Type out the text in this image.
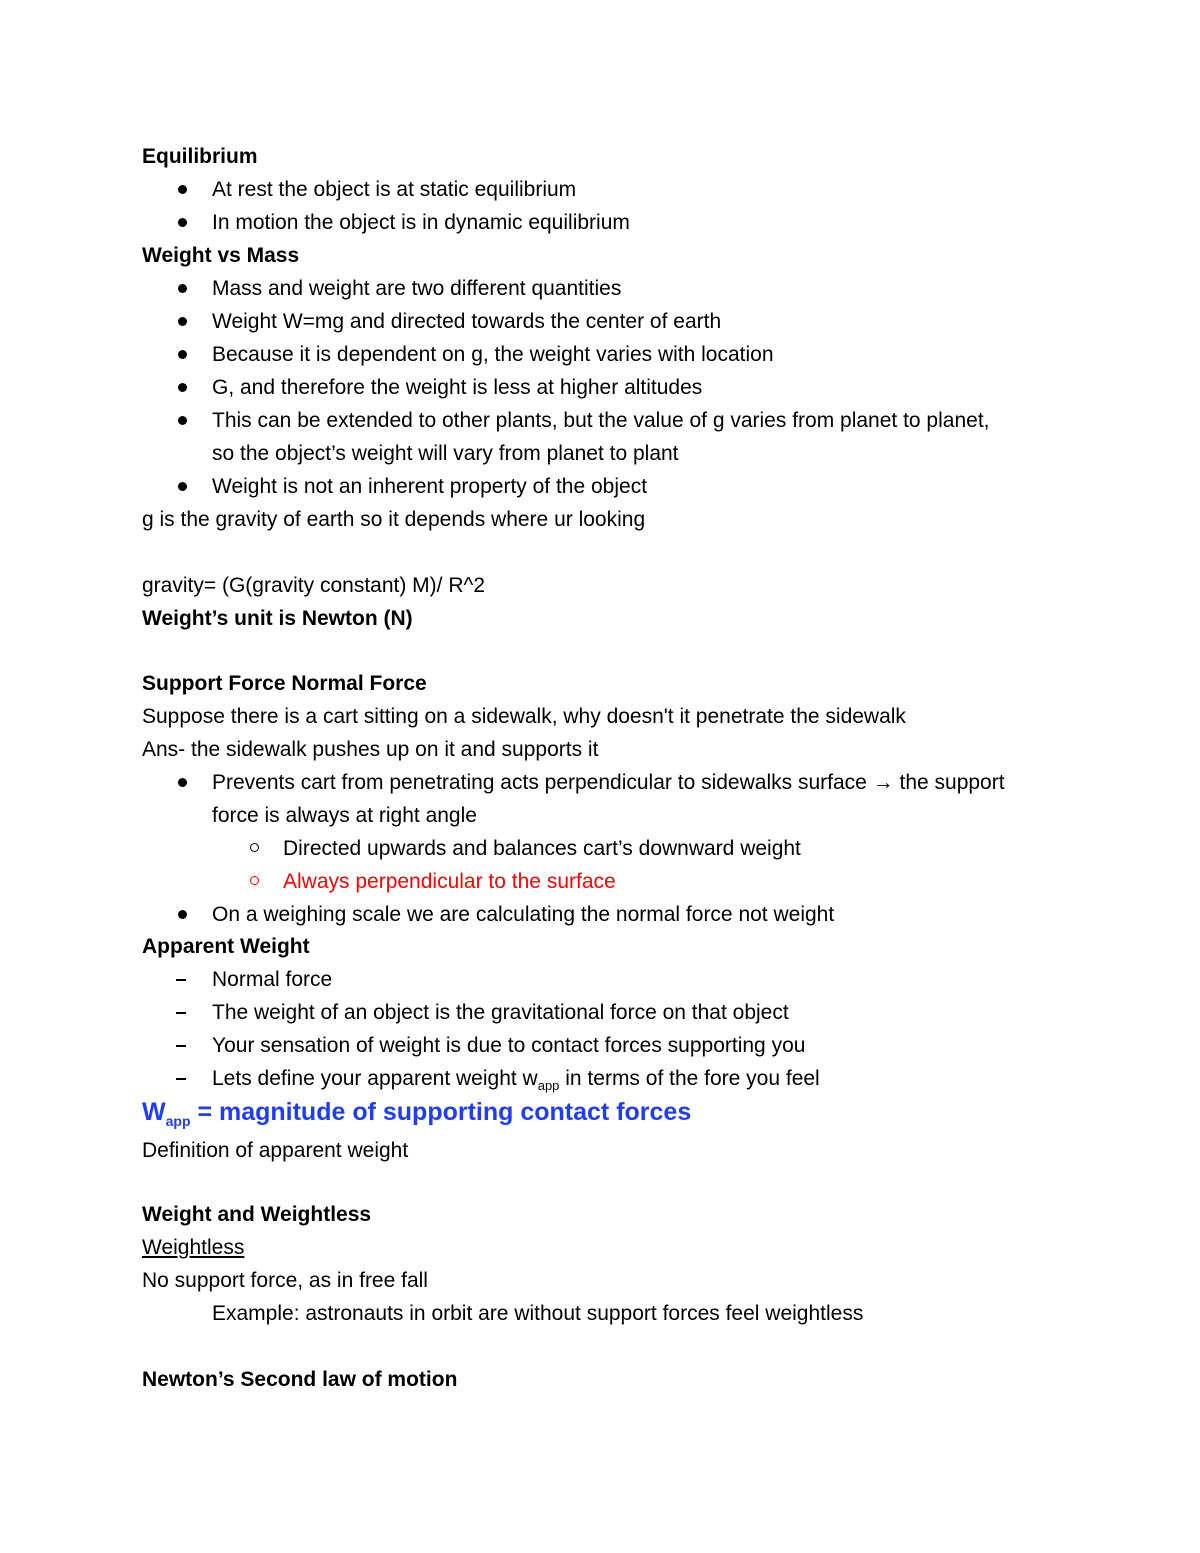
Equilibrium
At rest the object is at static equilibrium
In motion the object is in dynamic equilibrium
Weight vs Mass
Mass and weight are two different quantities
Weight W=mg and directed towards the center of earth
Because it is dependent on g, the weight varies with location
G, and therefore the weight is less at higher altitudes
This can be extended to other plants, but the value of g varies from planet to planet,
so the object’s weight will vary from planet to plant
Weight is not an inherent property of the object
g is the gravity of earth so it depends where ur looking
gravity= (G(gravity constant) M)/ R^2
Weight’s unit is Newton (N)
Support Force Normal Force
Suppose there is a cart sitting on a sidewalk, why doesn't it penetrate the sidewalk
Ans- the sidewalk pushes up on it and supports it
Prevents cart from penetrating acts perpendicular to sidewalks surface → the support
force is always at right angle
Directed upwards and balances cart’s downward weight
Always perpendicular to the surface
On a weighing scale we are calculating the normal force not weight
Apparent Weight
Normal force
The weight of an object is the gravitational force on that object
Your sensation of weight is due to contact forces supporting you
Lets define your apparent weight $w_{app}$ in terms of the fore you feel
$W_{app}$ = magnitude of supporting contact forces
Definition of apparent weight
Weight and Weightless
Weightless
No support force, as in free fall
Example: astronauts in orbit are without support forces feel weightless
Newton’s Second law of motion
